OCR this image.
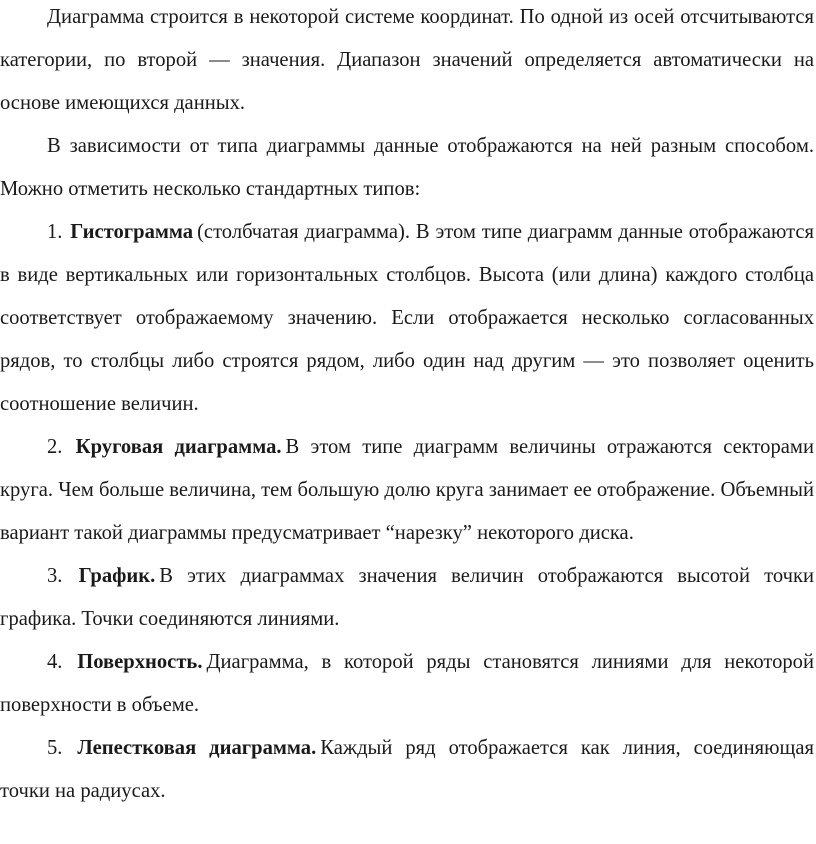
Диаграмма строится в некоторой системе координат. По одной из осей отсчитываются категории, по второй — значения. Диапазон значений определяется автоматически на основе имеющихся данных.

В зависимости от типа диаграммы данные отображаются на ней разным способом. Можно отметить несколько стандартных типов:

1. Гистограмма (столбчатая диаграмма). В этом типе диаграмм данные отображаются в виде вертикальных или горизонтальных столбцов. Высота (или длина) каждого столбца соответствует отображаемому значению. Если отображается несколько согласованных рядов, то столбцы либо строятся рядом, либо один над другим — это позволяет оценить соотношение величин.

2. Круговая диаграмма. В этом типе диаграмм величины отражаются секторами круга. Чем больше величина, тем большую долю круга занимает ее отображение. Объемный вариант такой диаграммы предусматривает “нарезку” некоторого диска.

3. График. В этих диаграммах значения величин отображаются высотой точки графика. Точки соединяются линиями.

4. Поверхность. Диаграмма, в которой ряды становятся линиями для некоторой поверхности в объеме.

5. Лепестковая диаграмма. Каждый ряд отображается как линия, соединяющая точки на радиусах.
